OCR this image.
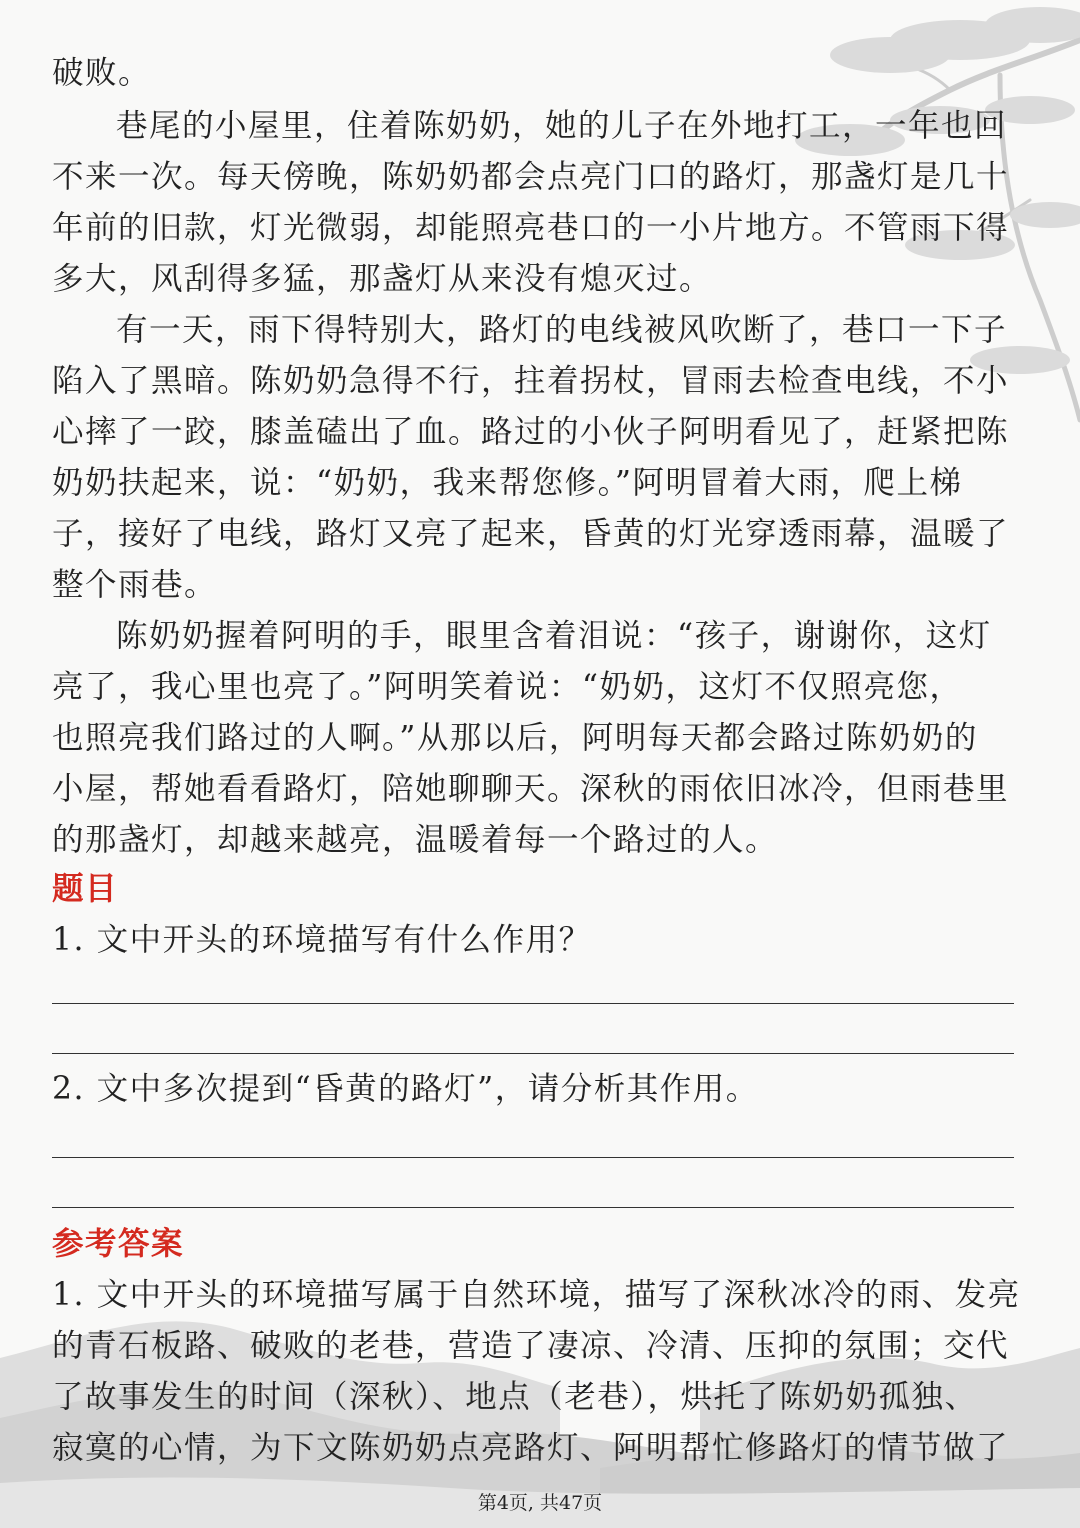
破败。
巷尾的小屋里，住着陈奶奶，她的儿子在外地打工，一年也回
不来一次。每天傍晚，陈奶奶都会点亮门口的路灯，那盏灯是几十
年前的旧款，灯光微弱，却能照亮巷口的一小片地方。不管雨下得
多大，风刮得多猛，那盏灯从来没有熄灭过。
有一天，雨下得特别大，路灯的电线被风吹断了，巷口一下子
陷入了黑暗。陈奶奶急得不行，拄着拐杖，冒雨去检查电线，不小
心摔了一跤，膝盖磕出了血。路过的小伙子阿明看见了，赶紧把陈
奶奶扶起来，说：“奶奶，我来帮您修。”阿明冒着大雨，爬上梯
子，接好了电线，路灯又亮了起来，昏黄的灯光穿透雨幕，温暖了
整个雨巷。
陈奶奶握着阿明的手，眼里含着泪说：“孩子，谢谢你，这灯
亮了，我心里也亮了。”阿明笑着说：“奶奶，这灯不仅照亮您，
也照亮我们路过的人啊。”从那以后，阿明每天都会路过陈奶奶的
小屋，帮她看看路灯，陪她聊聊天。深秋的雨依旧冰冷，但雨巷里
的那盏灯，却越来越亮，温暖着每一个路过的人。
题目
1. 文中开头的环境描写有什么作用？
2. 文中多次提到“昏黄的路灯”，请分析其作用。
参考答案
1. 文中开头的环境描写属于自然环境，描写了深秋冰冷的雨、发亮
的青石板路、破败的老巷，营造了凄凉、冷清、压抑的氛围；交代
了故事发生的时间（深秋）、地点（老巷），烘托了陈奶奶孤独、
寂寞的心情，为下文陈奶奶点亮路灯、阿明帮忙修路灯的情节做了
第4页, 共47页
